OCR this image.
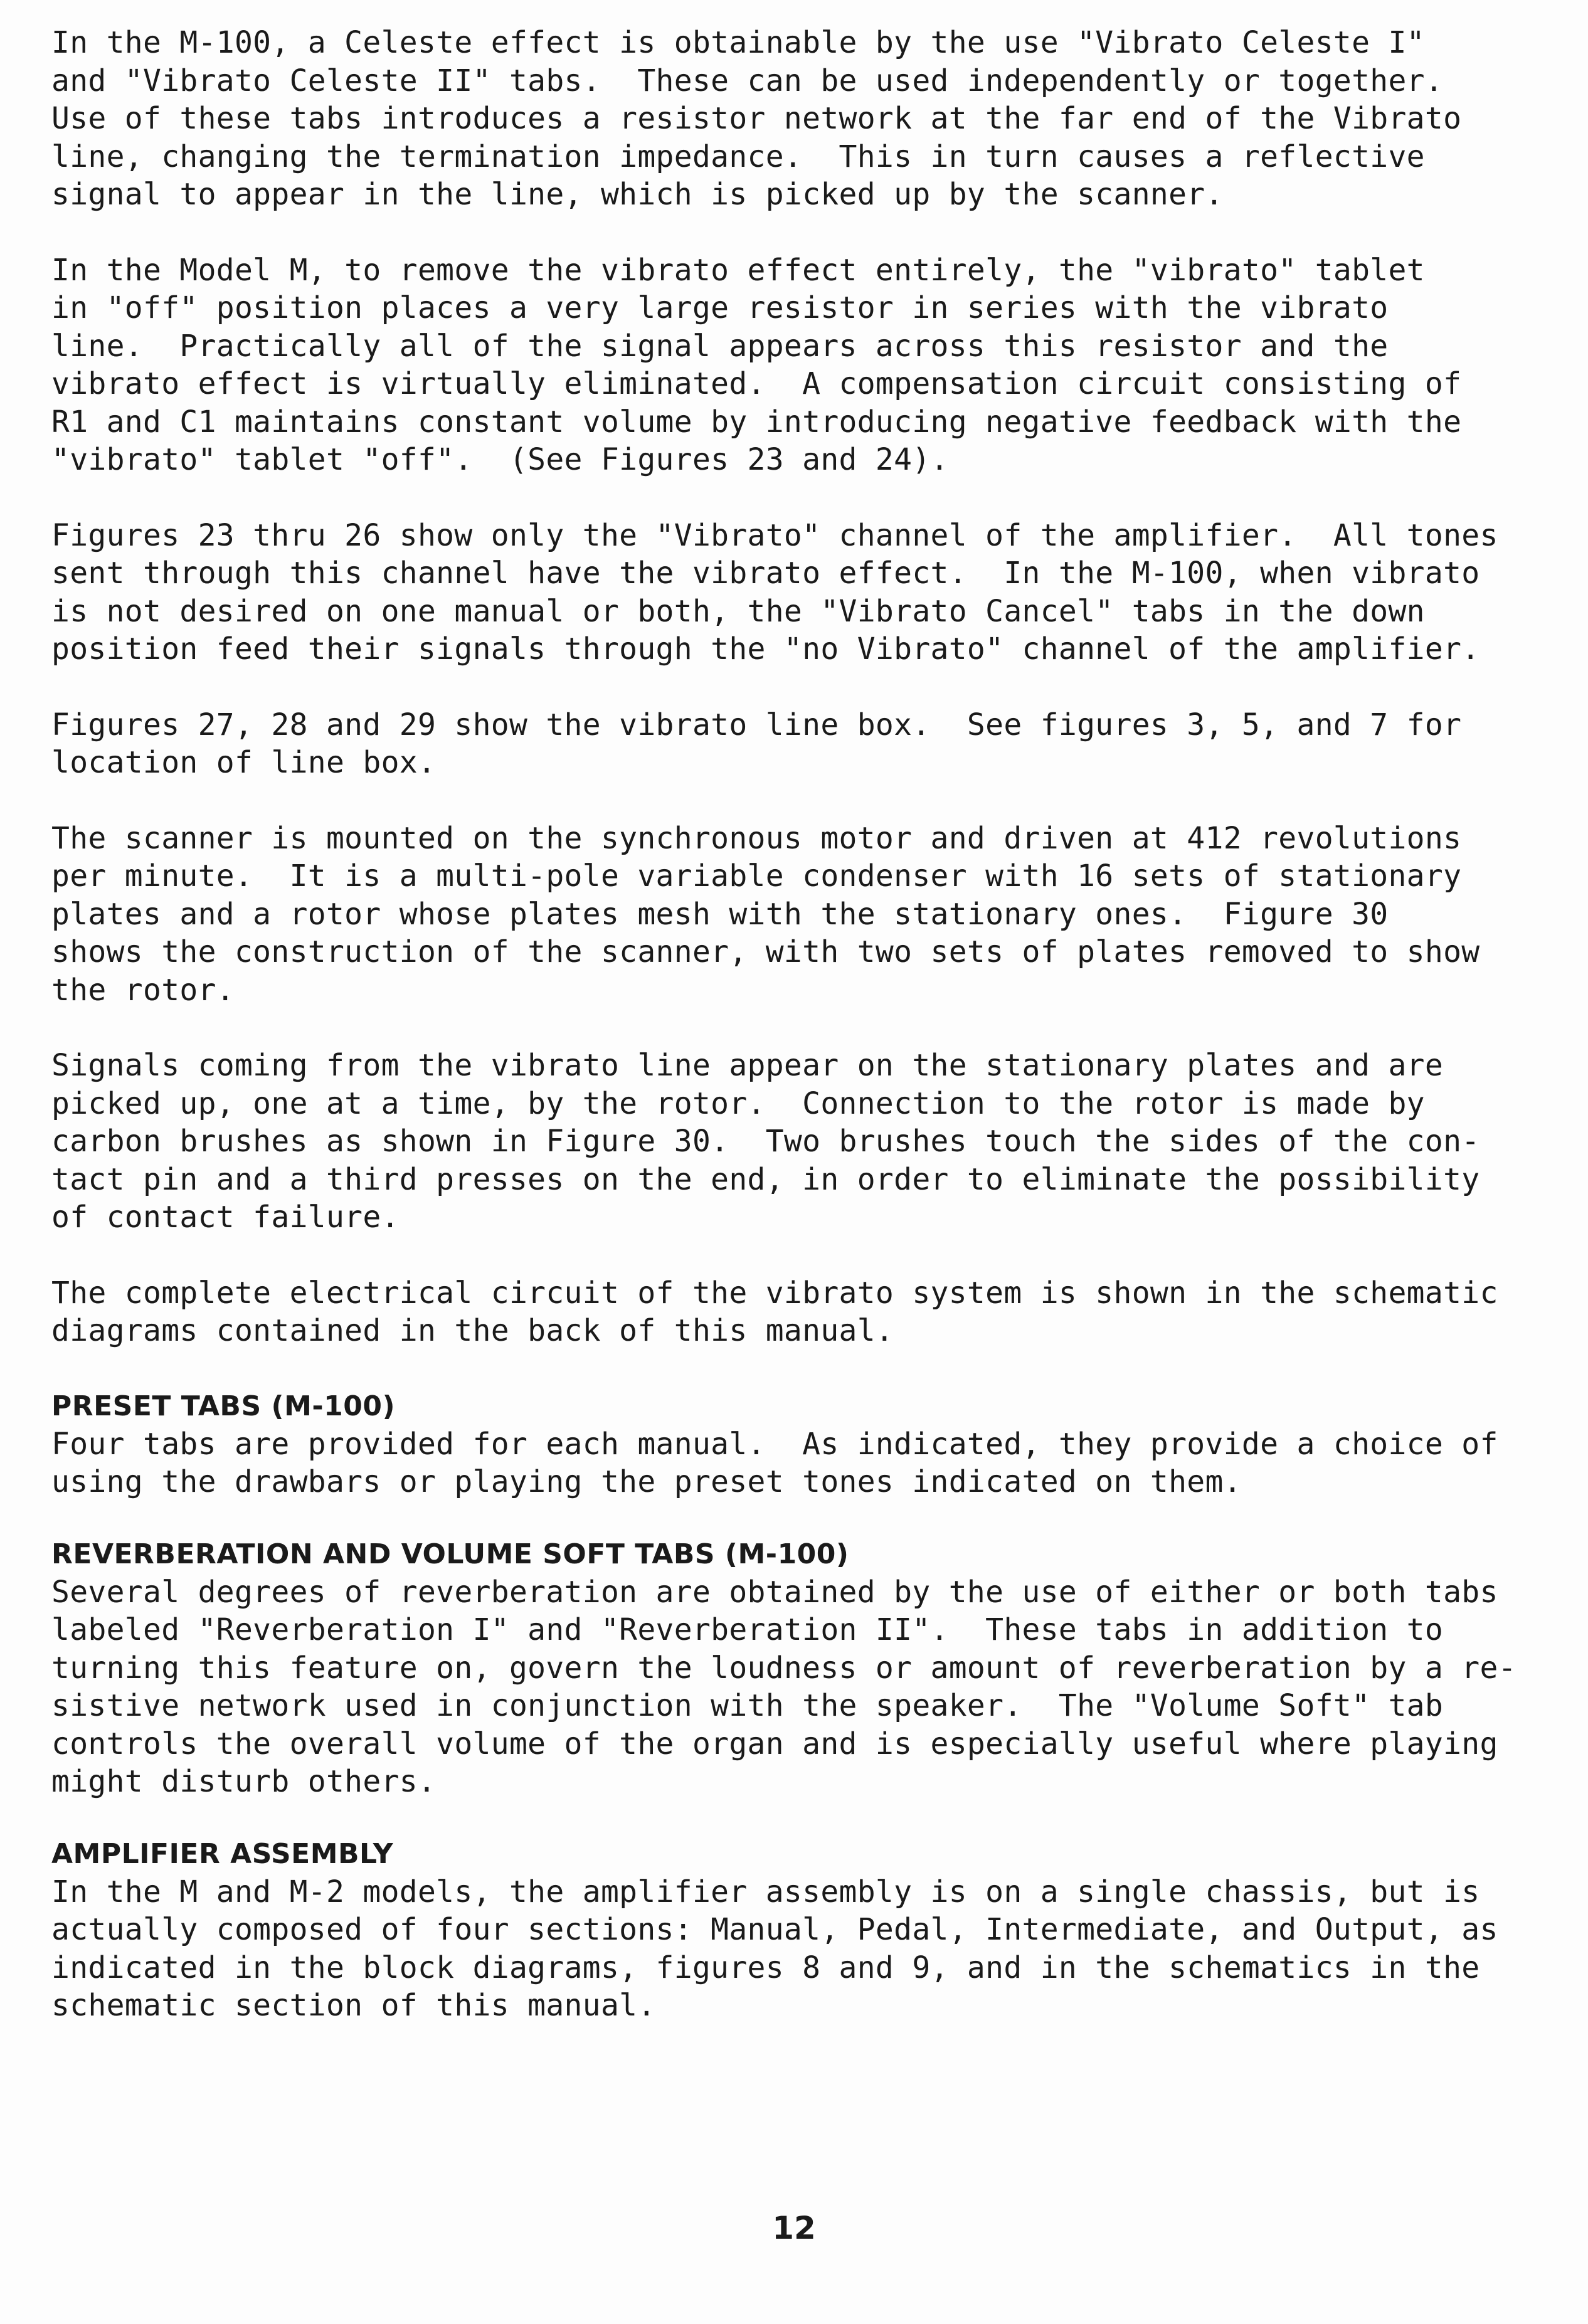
In the M-100, a Celeste effect is obtainable by the use "Vibrato Celeste I"
and "Vibrato Celeste II" tabs.  These can be used independently or together.
Use of these tabs introduces a resistor network at the far end of the Vibrato
line, changing the termination impedance.  This in turn causes a reflective
signal to appear in the line, which is picked up by the scanner.

In the Model M, to remove the vibrato effect entirely, the "vibrato" tablet
in "off" position places a very large resistor in series with the vibrato
line.  Practically all of the signal appears across this resistor and the
vibrato effect is virtually eliminated.  A compensation circuit consisting of
R1 and C1 maintains constant volume by introducing negative feedback with the
"vibrato" tablet "off".  (See Figures 23 and 24).

Figures 23 thru 26 show only the "Vibrato" channel of the amplifier.  All tones
sent through this channel have the vibrato effect.  In the M-100, when vibrato
is not desired on one manual or both, the "Vibrato Cancel" tabs in the down
position feed their signals through the "no Vibrato" channel of the amplifier.

Figures 27, 28 and 29 show the vibrato line box.  See figures 3, 5, and 7 for
location of line box.

The scanner is mounted on the synchronous motor and driven at 412 revolutions
per minute.  It is a multi-pole variable condenser with 16 sets of stationary
plates and a rotor whose plates mesh with the stationary ones.  Figure 30
shows the construction of the scanner, with two sets of plates removed to show
the rotor.

Signals coming from the vibrato line appear on the stationary plates and are
picked up, one at a time, by the rotor.  Connection to the rotor is made by
carbon brushes as shown in Figure 30.  Two brushes touch the sides of the con-
tact pin and a third presses on the end, in order to eliminate the possibility
of contact failure.

The complete electrical circuit of the vibrato system is shown in the schematic
diagrams contained in the back of this manual.

PRESET TABS (M-100)

Four tabs are provided for each manual.  As indicated, they provide a choice of
using the drawbars or playing the preset tones indicated on them.

REVERBERATION AND VOLUME SOFT TABS (M-100)

Several degrees of reverberation are obtained by the use of either or both tabs
labeled "Reverberation I" and "Reverberation II".  These tabs in addition to
turning this feature on, govern the loudness or amount of reverberation by a re-
sistive network used in conjunction with the speaker.  The "Volume Soft" tab
controls the overall volume of the organ and is especially useful where playing
might disturb others.

AMPLIFIER ASSEMBLY

In the M and M-2 models, the amplifier assembly is on a single chassis, but is
actually composed of four sections: Manual, Pedal, Intermediate, and Output, as
indicated in the block diagrams, figures 8 and 9, and in the schematics in the
schematic section of this manual.

12
